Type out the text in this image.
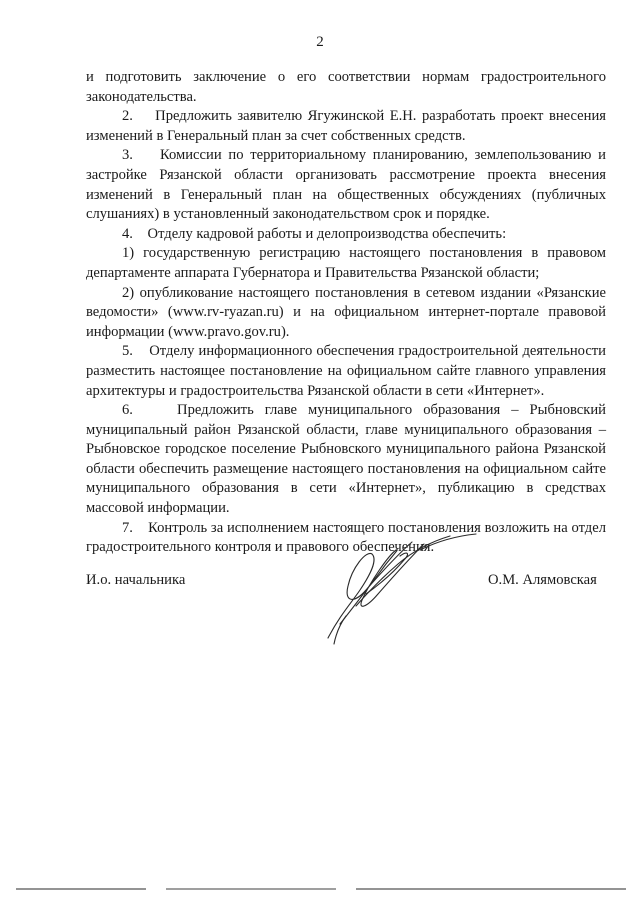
2

и подготовить заключение о его соответствии нормам градостроительного законодательства.

2.    Предложить заявителю Ягужинской Е.Н. разработать проект внесения изменений в Генеральный план за счет собственных средств.

3.    Комиссии по территориальному планированию, землепользованию и застройке Рязанской области организовать рассмотрение проекта внесения изменений в Генеральный план на общественных обсуждениях (публичных слушаниях) в установленный законодательством срок и порядке.

4.    Отделу кадровой работы и делопроизводства обеспечить:

1) государственную регистрацию настоящего постановления в правовом департаменте аппарата Губернатора и Правительства Рязанской области;

2) опубликование настоящего постановления в сетевом издании «Рязанские ведомости» (www.rv-ryazan.ru) и на официальном интернет-портале правовой информации (www.pravo.gov.ru).

5.    Отделу информационного обеспечения градостроительной деятельности разместить настоящее постановление на официальном сайте главного управления архитектуры и градостроительства Рязанской области в сети «Интернет».

6.    Предложить главе муниципального образования – Рыбновский муниципальный район Рязанской области, главе муниципального образования – Рыбновское городское поселение Рыбновского муниципального района Рязанской области обеспечить размещение настоящего постановления на официальном сайте муниципального образования в сети «Интернет», публикацию в средствах массовой информации.

7.    Контроль за исполнением настоящего постановления возложить на отдел градостроительного контроля и правового обеспечения.

И.о. начальника	О.М. Алямовская
